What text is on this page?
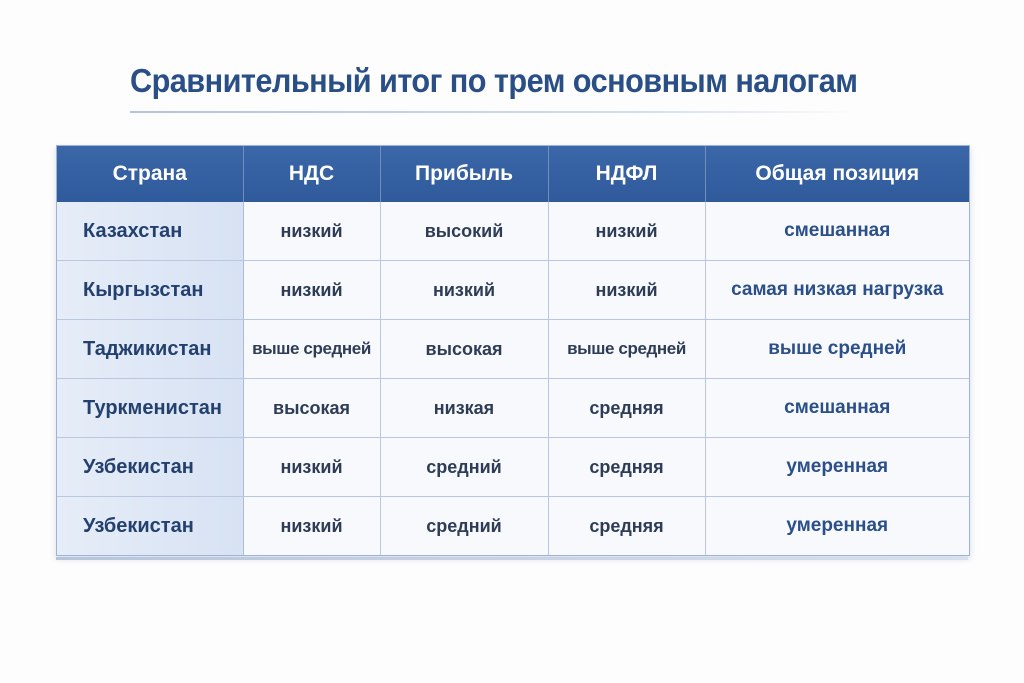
Сравнительный итог по трем основным налогам
Страна	НДС	Прибыль	НДФЛ	Общая позиция
Казахстан	низкий	высокий	низкий	смешанная
Кыргызстан	низкий	низкий	низкий	самая низкая нагрузка
Таджикистан	выше средней	высокая	выше средней	выше средней
Туркменистан	высокая	низкая	средняя	смешанная
Узбекистан	низкий	средний	средняя	умеренная
Узбекистан	низкий	средний	средняя	умеренная
